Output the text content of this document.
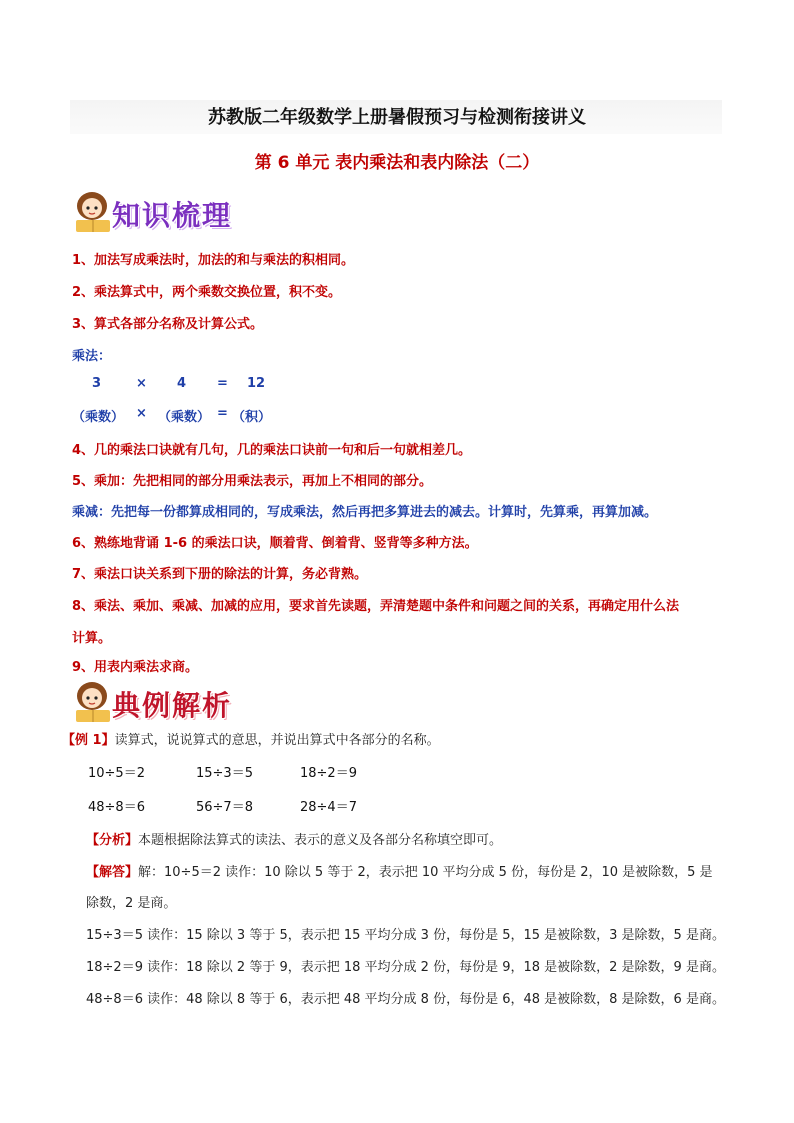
苏教版二年级数学上册暑假预习与检测衔接讲义
第 6 单元 表内乘法和表内除法（二）
知识梳理
1、加法写成乘法时，加法的和与乘法的积相同。
2、乘法算式中，两个乘数交换位置，积不变。
3、算式各部分名称及计算公式。
乘法：
3	× 4 = 12
（乘数） × （乘数） = （积）
4、几的乘法口诀就有几句，几的乘法口诀前一句和后一句就相差几。
5、乘加：先把相同的部分用乘法表示，再加上不相同的部分。
乘减：先把每一份都算成相同的，写成乘法，然后再把多算进去的减去。计算时，先算乘，再算加减。
6、熟练地背诵 1-6 的乘法口诀，顺着背、倒着背、竖背等多种方法。
7、乘法口诀关系到下册的除法的计算，务必背熟。
8、乘法、乘加、乘减、加减的应用，要求首先读题，弄清楚题中条件和问题之间的关系，再确定用什么法
计算。
9、用表内乘法求商。
典例解析
【例 1】读算式，说说算式的意思，并说出算式中各部分的名称。
10÷5＝2	15÷3＝5	18÷2＝9
48÷8＝6	56÷7＝8	28÷4＝7
【分析】本题根据除法算式的读法、表示的意义及各部分名称填空即可。
【解答】解：10÷5＝2 读作：10 除以 5 等于 2，表示把 10 平均分成 5 份，每份是 2，10 是被除数，5 是
除数，2 是商。
15÷3＝5 读作：15 除以 3 等于 5，表示把 15 平均分成 3 份，每份是 5，15 是被除数，3 是除数，5 是商。
18÷2＝9 读作：18 除以 2 等于 9，表示把 18 平均分成 2 份，每份是 9，18 是被除数，2 是除数，9 是商。
48÷8＝6 读作：48 除以 8 等于 6，表示把 48 平均分成 8 份，每份是 6，48 是被除数，8 是除数，6 是商。
